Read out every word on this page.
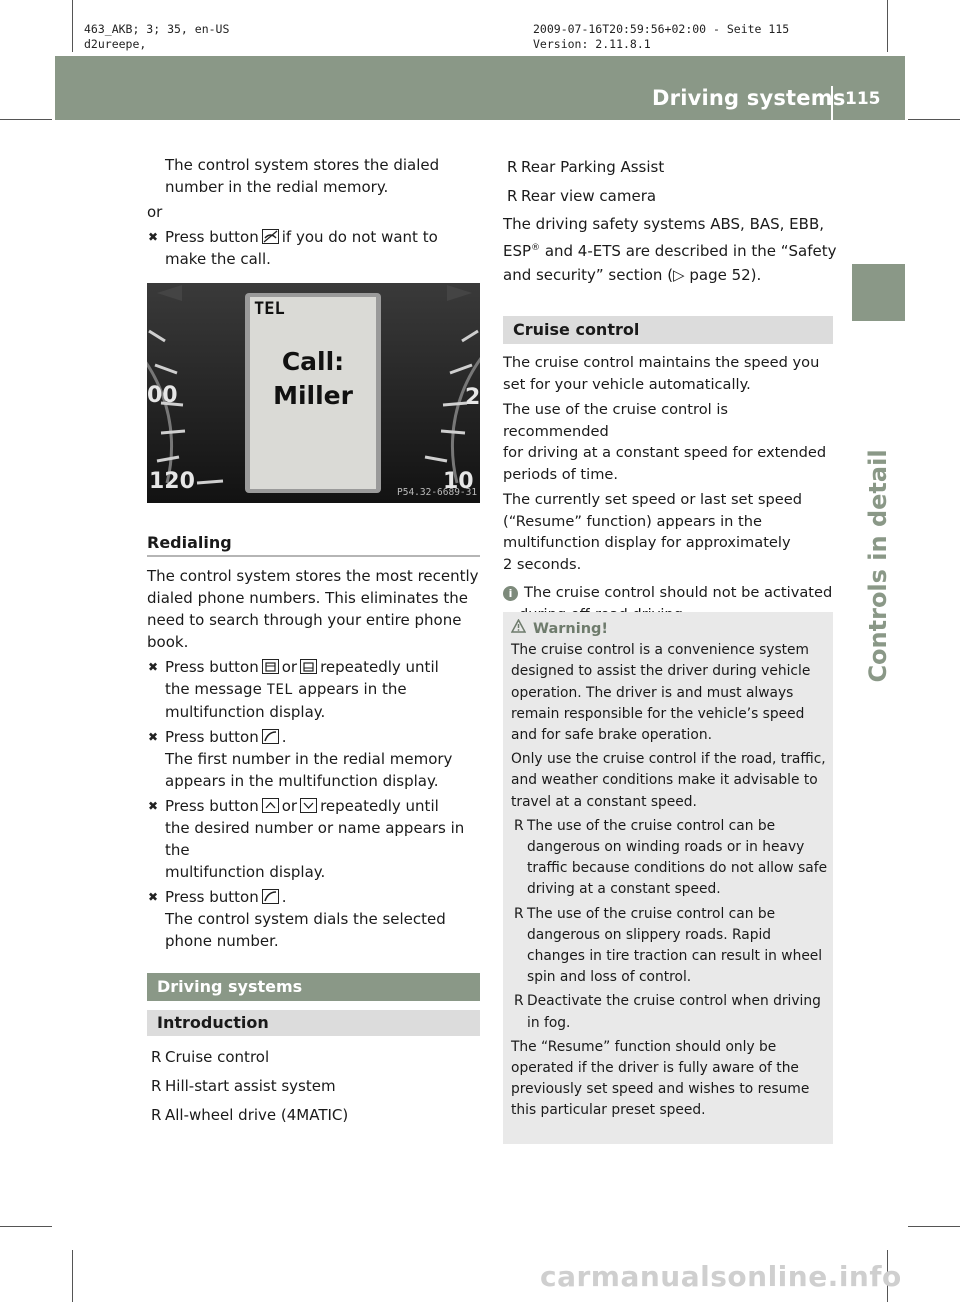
463_AKB; 3; 35, en-US
d2ureepe,
2009-07-16T20:59:56+02:00 - Seite 115
Version: 2.11.8.1
Driving systems 115
Controls in detail

The control system stores the dialed

number in the redial memory.

or

✖ Press button if you do not want to

make the call.

TEL
Call:
Miller
00
120
2
10
P54.32-6689-31
Redialing

The control system stores the most recently

dialed phone numbers. This eliminates the

need to search through your entire phone

book.

✖ Press button or repeatedly until

the message TEL appears in the

multifunction display.

✖ Press button .

The first number in the redial memory

appears in the multifunction display.

✖ Press button or repeatedly until

the desired number or name appears in the

multifunction display.

✖ Press button .

The control system dials the selected

phone number.

Driving systems
Introduction

R Cruise control

R Hill-start assist system

R All-wheel drive (4MATIC)

R Rear Parking Assist

R Rear view camera

The driving safety systems ABS, BAS, EBB,

ESP® and 4-ETS are described in the “Safety

and security” section (▷ page 52).

Cruise control

The cruise control maintains the speed you

set for your vehicle automatically.

The use of the cruise control is recommended

for driving at a constant speed for extended

periods of time.

The currently set speed or last set speed

(“Resume” function) appears in the

multifunction display for approximately

2 seconds.

i The cruise control should not be activated

Warning!

The cruise control is a convenience system

designed to assist the driver during vehicle

operation. The driver is and must always

remain responsible for the vehicle’s speed

and for safe brake operation.

Only use the cruise control if the road, traffic,

and weather conditions make it advisable to

travel at a constant speed.

R The use of the cruise control can be

dangerous on winding roads or in heavy

traffic because conditions do not allow safe

driving at a constant speed.

R The use of the cruise control can be

dangerous on slippery roads. Rapid

changes in tire traction can result in wheel

spin and loss of control.

R Deactivate the cruise control when driving

in fog.

The “Resume” function should only be

operated if the driver is fully aware of the

previously set speed and wishes to resume

this particular preset speed.

carmanualsonline.info
